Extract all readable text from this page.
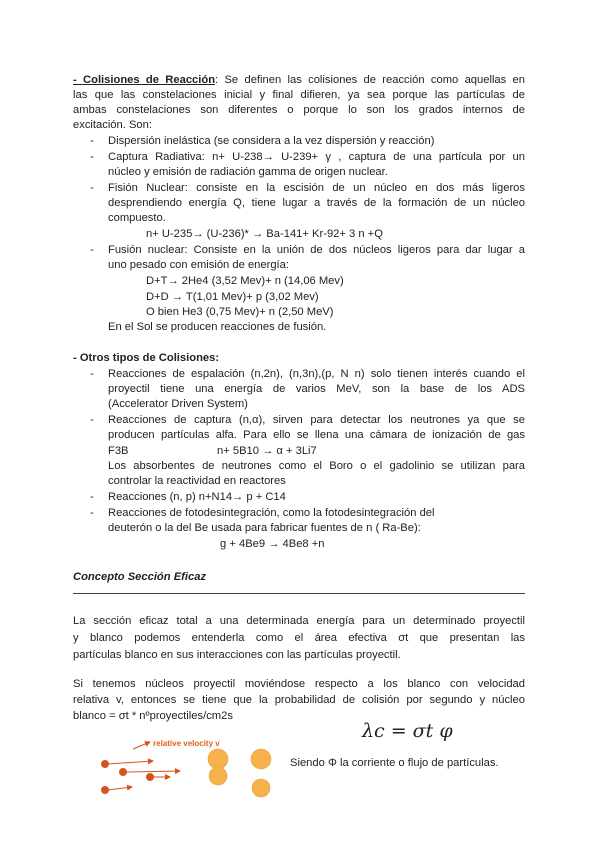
- Colisiones de Reacción: Se definen las colisiones de reacción como aquellas en
las que las constelaciones inicial y final difieren, ya sea porque las partículas de
ambas constelaciones son diferentes o porque lo son los grados internos de
excitación. Son:
- Dispersión inelástica (se considera a la vez dispersión y reacción)
- Captura Radiativa: n+ U-238→ U-239+ γ , captura de una partícula por un
núcleo y emisión de radiación gamma de origen nuclear.
- Fisión Nuclear: consiste en la escisión de un núcleo en dos más ligeros
desprendiendo energía Q, tiene lugar a través de la formación de un núcleo
compuesto.
n+ U-235→ (U-236)* → Ba-141+ Kr-92+ 3 n +Q
- Fusión nuclear: Consiste en la unión de dos núcleos ligeros para dar lugar a
uno pesado con emisión de energía:
D+T→ 2He4 (3,52 Mev)+ n (14,06 Mev)
D+D → T(1,01 Mev)+ p (3,02 Mev)
O bien He3 (0,75 Mev)+ n (2,50 MeV)
En el Sol se producen reacciones de fusión.
- Otros tipos de Colisiones:
- Reacciones de espalación (n,2n), (n,3n),(p, N n) solo tienen interés cuando el
proyectil tiene una energía de varios MeV, son la base de los ADS
(Accelerator Driven System)
- Reacciones de captura (n,α), sirven para detectar los neutrones ya que se
producen partículas alfa. Para ello se llena una cámara de ionización de gas
F3B	n+ 5B10 → α + 3Li7
Los absorbentes de neutrones como el Boro o el gadolinio se utilizan para
controlar la reactividad en reactores
- Reacciones (n, p) n+N14→ p + C14
- Reacciones de fotodesintegración, como la fotodesintegración del
deuterón o la del Be usada para fabricar fuentes de n ( Ra-Be):
g + 4Be9 → 4Be8 +n
Concepto Sección Eficaz
La sección eficaz total a una determinada energía para un determinado proyectil
y blanco podemos entenderla como el área efectiva σt que presentan las
partículas blanco en sus interacciones con las partículas proyectil.
Si tenemos núcleos proyectil moviéndose respecto a los blanco con velocidad
relativa v, entonces se tiene que la probabilidad de colisión por segundo y núcleo
blanco = σt * nºproyectiles/cm2s
λc = σt φ
relative velocity v
Siendo Φ la corriente o flujo de partículas.
